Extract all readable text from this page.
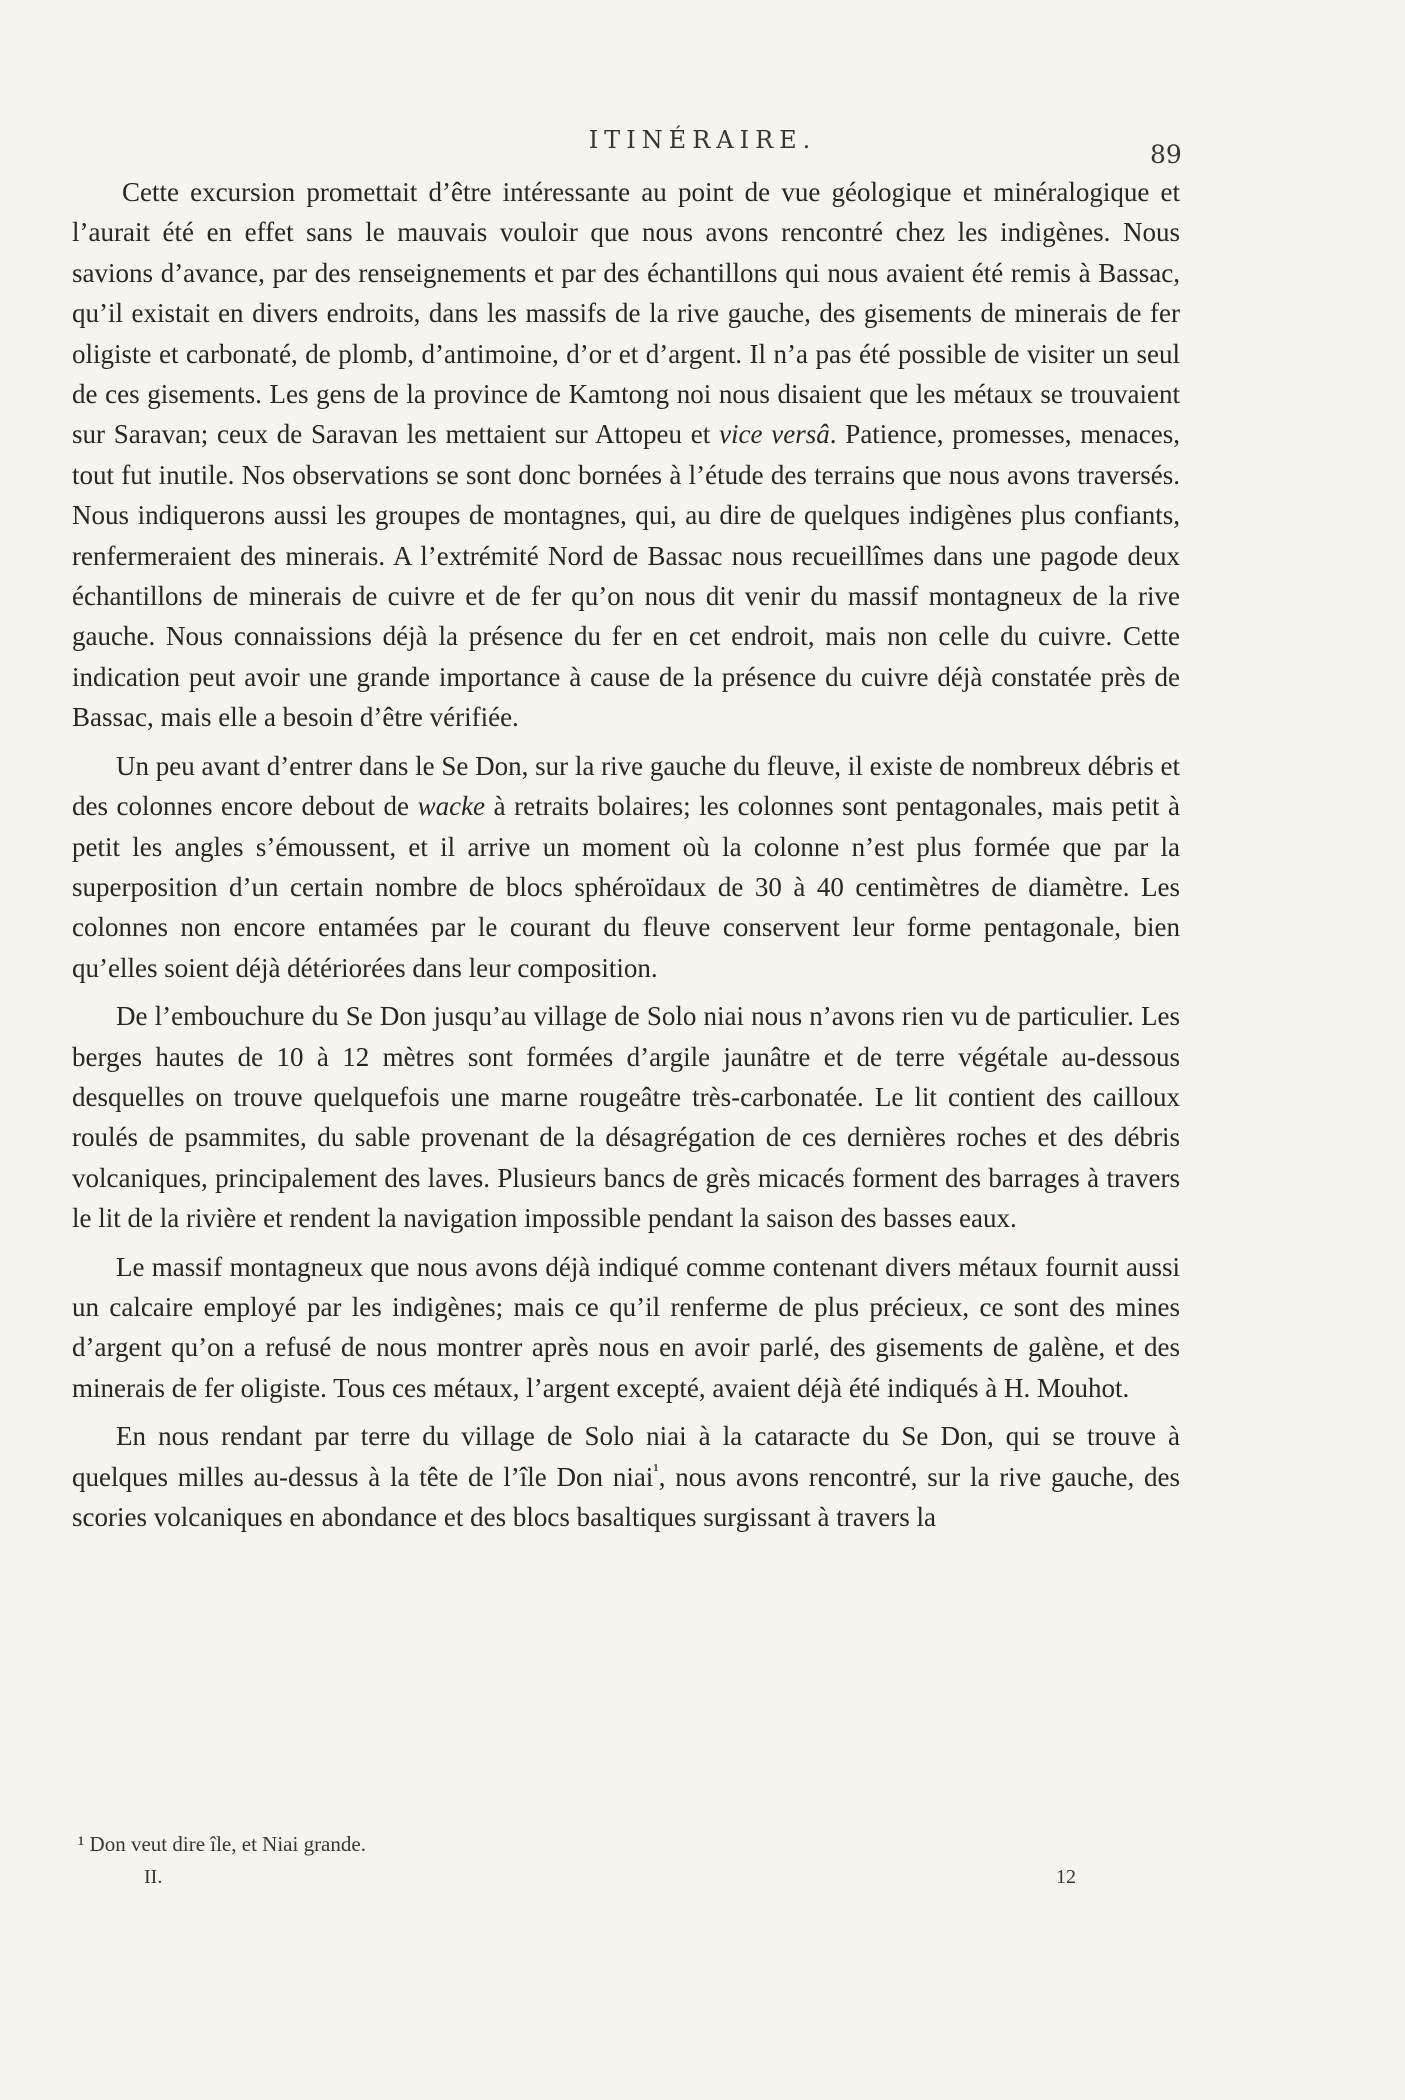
ITINÉRAIRE.	89

Cette excursion promettait d’être intéressante au point de vue géologique et minéralogique et l’aurait été en effet sans le mauvais vouloir que nous avons rencontré chez les indigènes. Nous savions d’avance, par des renseignements et par des échantillons qui nous avaient été remis à Bassac, qu’il existait en divers endroits, dans les massifs de la rive gauche, des gisements de minerais de fer oligiste et carbonaté, de plomb, d’antimoine, d’or et d’argent. Il n’a pas été possible de visiter un seul de ces gisements. Les gens de la province de Kamtong noi nous disaient que les métaux se trouvaient sur Saravan; ceux de Saravan les mettaient sur Attopeu et vice versâ. Patience, promesses, menaces, tout fut inutile. Nos observations se sont donc bornées à l’étude des terrains que nous avons traversés. Nous indiquerons aussi les groupes de montagnes, qui, au dire de quelques indigènes plus confiants, renfermeraient des minerais. A l’extrémité Nord de Bassac nous recueillîmes dans une pagode deux échantillons de minerais de cuivre et de fer qu’on nous dit venir du massif montagneux de la rive gauche. Nous connaissions déjà la présence du fer en cet endroit, mais non celle du cuivre. Cette indication peut avoir une grande importance à cause de la présence du cuivre déjà constatée près de Bassac, mais elle a besoin d’être vérifiée.

Un peu avant d’entrer dans le Se Don, sur la rive gauche du fleuve, il existe de nombreux débris et des colonnes encore debout de wacke à retraits bolaires; les colonnes sont pentagonales, mais petit à petit les angles s’émoussent, et il arrive un moment où la colonne n’est plus formée que par la superposition d’un certain nombre de blocs sphéroïdaux de 30 à 40 centimètres de diamètre. Les colonnes non encore entamées par le courant du fleuve conservent leur forme pentagonale, bien qu’elles soient déjà détériorées dans leur composition.

De l’embouchure du Se Don jusqu’au village de Solo niai nous n’avons rien vu de particulier. Les berges hautes de 10 à 12 mètres sont formées d’argile jaunâtre et de terre végétale au-dessous desquelles on trouve quelquefois une marne rougeâtre très-carbonatée. Le lit contient des cailloux roulés de psammites, du sable provenant de la désagrégation de ces dernières roches et des débris volcaniques, principalement des laves. Plusieurs bancs de grès micacés forment des barrages à travers le lit de la rivière et rendent la navigation impossible pendant la saison des basses eaux.

Le massif montagneux que nous avons déjà indiqué comme contenant divers métaux fournit aussi un calcaire employé par les indigènes; mais ce qu’il renferme de plus précieux, ce sont des mines d’argent qu’on a refusé de nous montrer après nous en avoir parlé, des gisements de galène, et des minerais de fer oligiste. Tous ces métaux, l’argent excepté, avaient déjà été indiqués à H. Mouhot.

En nous rendant par terre du village de Solo niai à la cataracte du Se Don, qui se trouve à quelques milles au-dessus à la tête de l’île Don niai$^{^1}$, nous avons rencontré, sur la rive gauche, des scories volcaniques en abondance et des blocs basaltiques surgissant à travers la

¹ Don veut dire île, et Niai grande.
II.	12
